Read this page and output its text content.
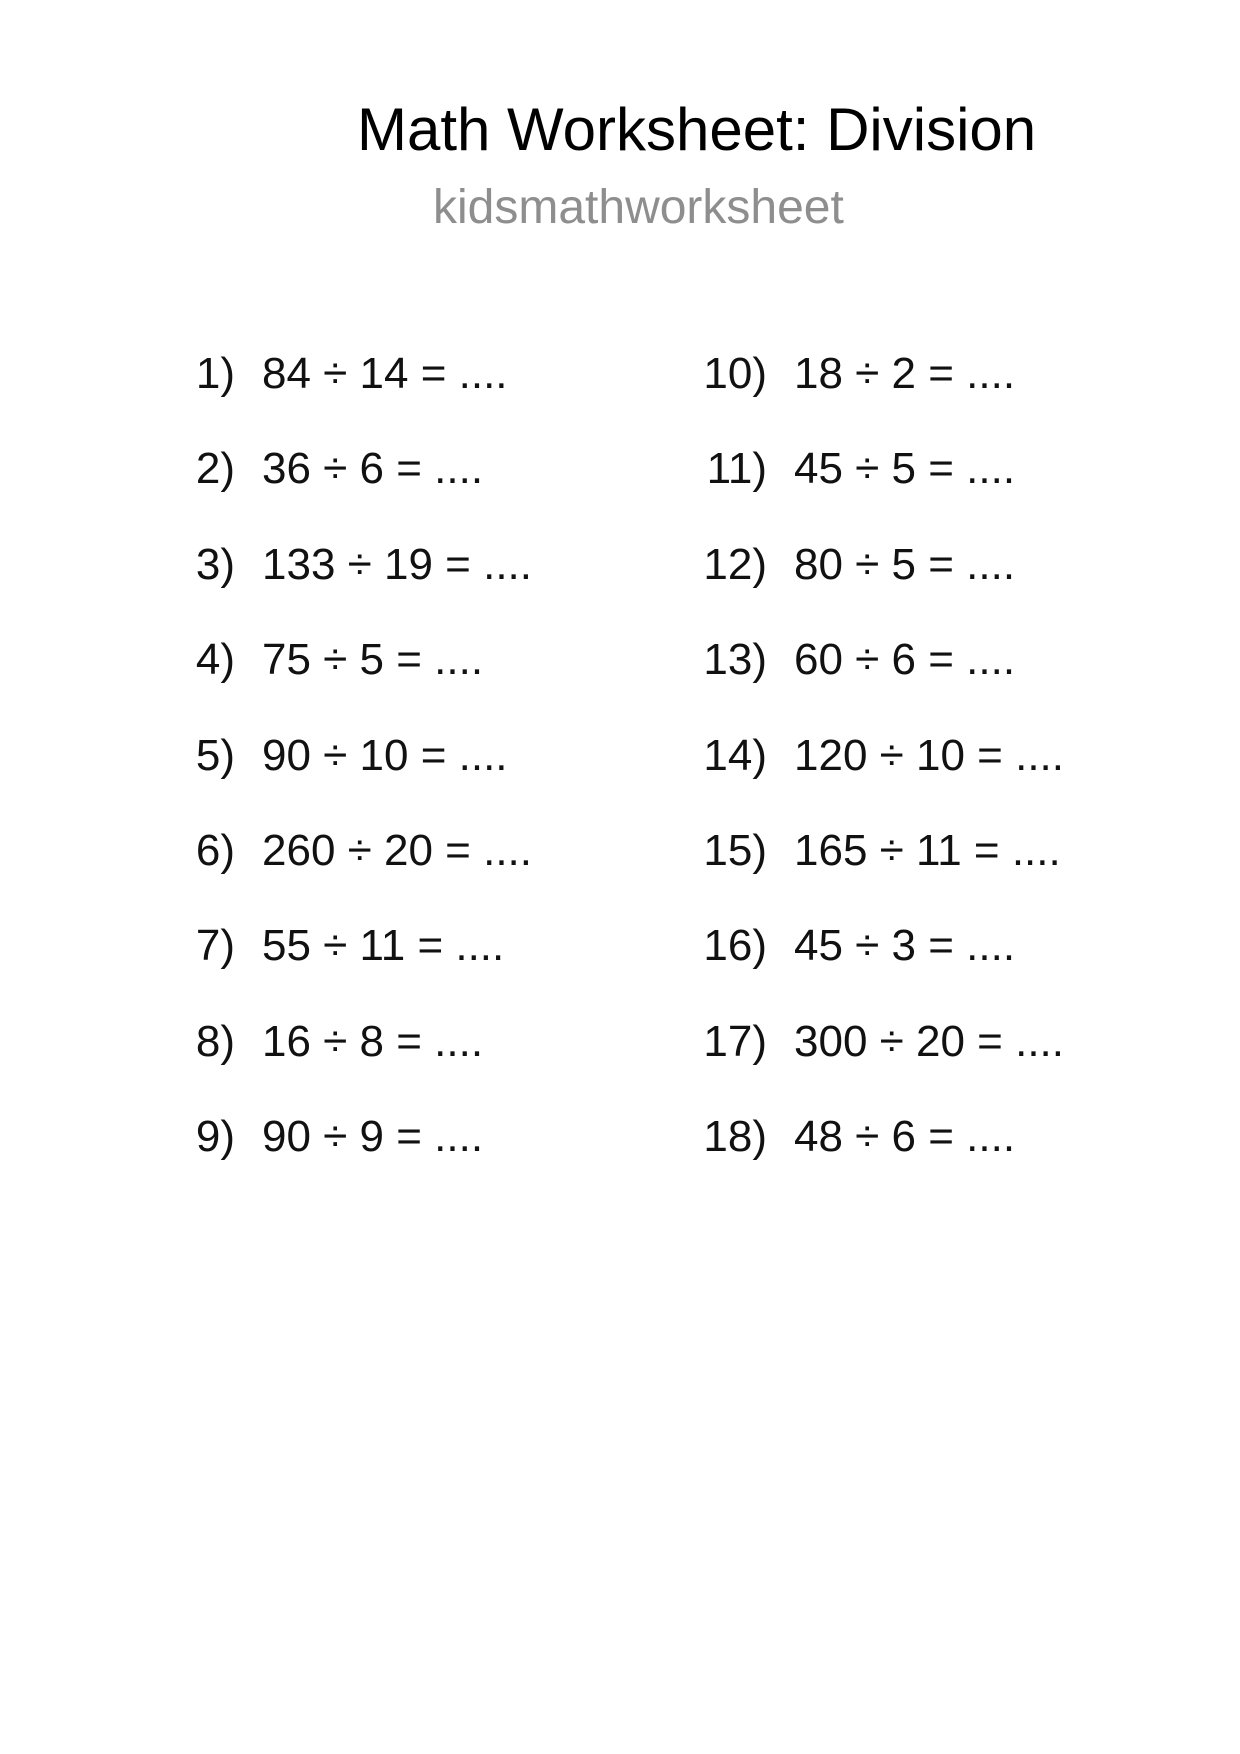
Math Worksheet: Division
kidsmathworksheet
1) 84 ÷ 14 = ....
2) 36 ÷ 6 = ....
3) 133 ÷ 19 = ....
4) 75 ÷ 5 = ....
5) 90 ÷ 10 = ....
6) 260 ÷ 20 = ....
7) 55 ÷ 11 = ....
8) 16 ÷ 8 = ....
9) 90 ÷ 9 = ....
10) 18 ÷ 2 = ....
11) 45 ÷ 5 = ....
12) 80 ÷ 5 = ....
13) 60 ÷ 6 = ....
14) 120 ÷ 10 = ....
15) 165 ÷ 11 = ....
16) 45 ÷ 3 = ....
17) 300 ÷ 20 = ....
18) 48 ÷ 6 = ....
